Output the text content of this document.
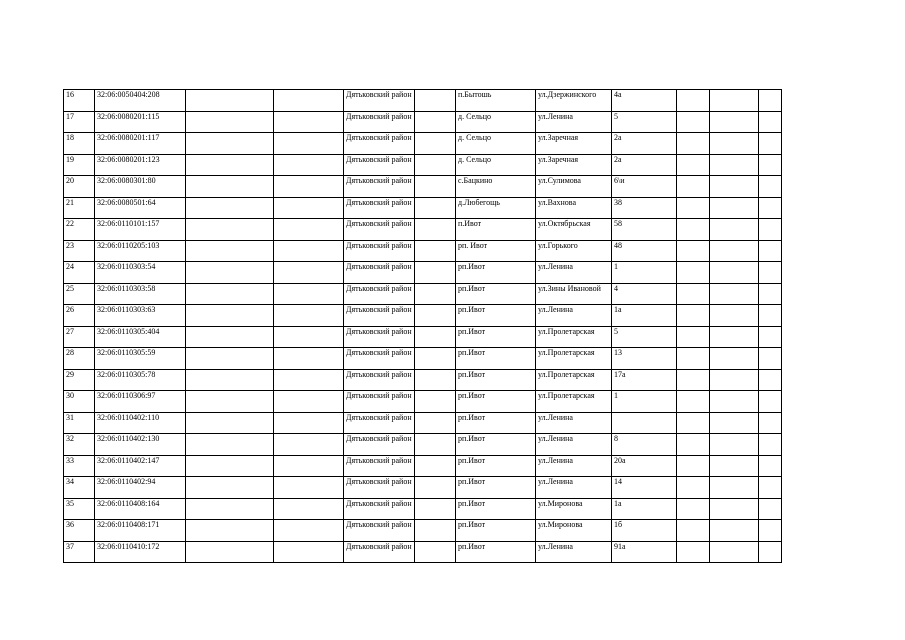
16	32:06:0050404:208			Дятьковский район		п.Бытошь	ул.Дзержинского	4а			
17	32:06:0080201:115			Дятьковский район		д. Сельцо	ул.Ленина	5			
18	32:06:0080201:117			Дятьковский район		д. Сельцо	ул.Заречная	2а			
19	32:06:0080201:123			Дятьковский район		д. Сельцо	ул.Заречная	2а			
20	32:06:0080301:80			Дятьковский район		с.Бацкино	ул.Сулимова	6\и			
21	32:06:0080501:64			Дятьковский район		д.Любегощь	ул.Вахнова	38			
22	32:06:0110101:157			Дятьковский район		п.Ивот	ул.Октябрьская	58			
23	32:06:0110205:103			Дятьковский район		рп. Ивот	ул.Горького	48			
24	32:06:0110303:54			Дятьковский район		рп.Ивот	ул.Ленина	1			
25	32:06:0110303:58			Дятьковский район		рп.Ивот	ул.Зины Ивановой	4			
26	32:06:0110303:63			Дятьковский район		рп.Ивот	ул.Ленина	1а			
27	32:06:0110305:404			Дятьковский район		рп.Ивот	ул.Пролетарская	5			
28	32:06:0110305:59			Дятьковский район		рп.Ивот	ул.Пролетарская	13			
29	32:06:0110305:78			Дятьковский район		рп.Ивот	ул.Пролетарская	17а			
30	32:06:0110306:97			Дятьковский район		рп.Ивот	ул.Пролетарская	1			
31	32:06:0110402:110			Дятьковский район		рп.Ивот	ул.Ленина				
32	32:06:0110402:130			Дятьковский район		рп.Ивот	ул.Ленина	8			
33	32:06:0110402:147			Дятьковский район		рп.Ивот	ул.Ленина	20а			
34	32:06:0110402:94			Дятьковский район		рп.Ивот	ул.Ленина	14			
35	32:06:0110408:164			Дятьковский район		рп.Ивот	ул.Миронова	1а			
36	32:06:0110408:171			Дятьковский район		рп.Ивот	ул.Миронова	1б			
37	32:06:0110410:172			Дятьковский район		рп.Ивот	ул.Ленина	91а			
